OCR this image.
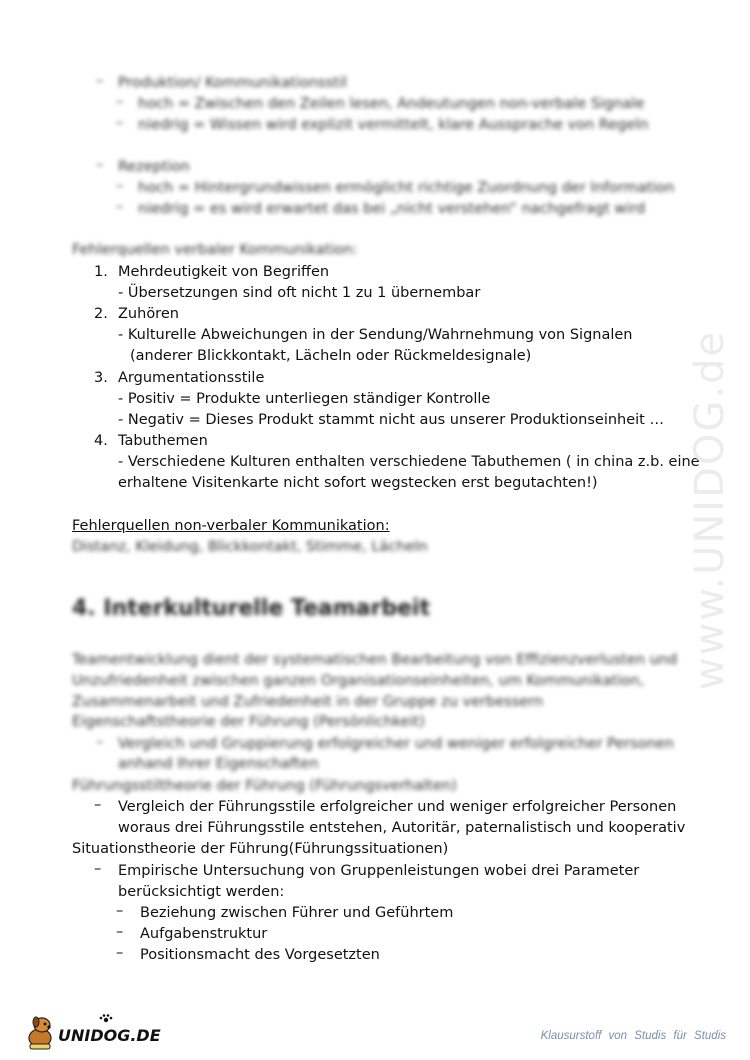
– Produktion/ Kommunikationsstil
– hoch = Zwischen den Zeilen lesen, Andeutungen non-verbale Signale
– niedrig = Wissen wird explizit vermittelt, klare Aussprache von Regeln
– Rezeption
– hoch = Hintergrundwissen ermöglicht richtige Zuordnung der Information
– niedrig = es wird erwartet das bei „nicht verstehen“ nachgefragt wird
Fehlerquellen verbaler Kommunikation:
1. Mehrdeutigkeit von Begriffen
- Übersetzungen sind oft nicht 1 zu 1 übernembar
2. Zuhören
- Kulturelle Abweichungen in der Sendung/Wahrnehmung von Signalen
(anderer Blickkontakt, Lächeln oder Rückmeldesignale)
3. Argumentationsstile
- Positiv = Produkte unterliegen ständiger Kontrolle
- Negativ = Dieses Produkt stammt nicht aus unserer Produktionseinheit …
4. Tabuthemen
- Verschiedene Kulturen enthalten verschiedene Tabuthemen ( in china z.b. eine
erhaltene Visitenkarte nicht sofort wegstecken erst begutachten!)
Fehlerquellen non-verbaler Kommunikation:
Distanz, Kleidung, Blickkontakt, Stimme, Lächeln
4. Interkulturelle Teamarbeit
Teamentwicklung dient der systematischen Bearbeitung von Effizienzverlusten und
Unzufriedenheit zwischen ganzen Organisationseinheiten, um Kommunikation,
Zusammenarbeit und Zufriedenheit in der Gruppe zu verbessern
Eigenschaftstheorie der Führung (Persönlichkeit)
– Vergleich und Gruppierung erfolgreicher und weniger erfolgreicher Personen
anhand Ihrer Eigenschaften
Führungsstiltheorie der Führung (Führungsverhalten)
– Vergleich der Führungsstile erfolgreicher und weniger erfolgreicher Personen
woraus drei Führungsstile entstehen, Autoritär, paternalistisch und kooperativ
Situationstheorie der Führung(Führungssituationen)
– Empirische Untersuchung von Gruppenleistungen wobei drei Parameter
berücksichtigt werden:
– Beziehung zwischen Führer und Geführtem
– Aufgabenstruktur
– Positionsmacht des Vorgesetzten
www.UNIDOG.de
UNIDOG.DE	Klausurstoff von Studis für Studis
